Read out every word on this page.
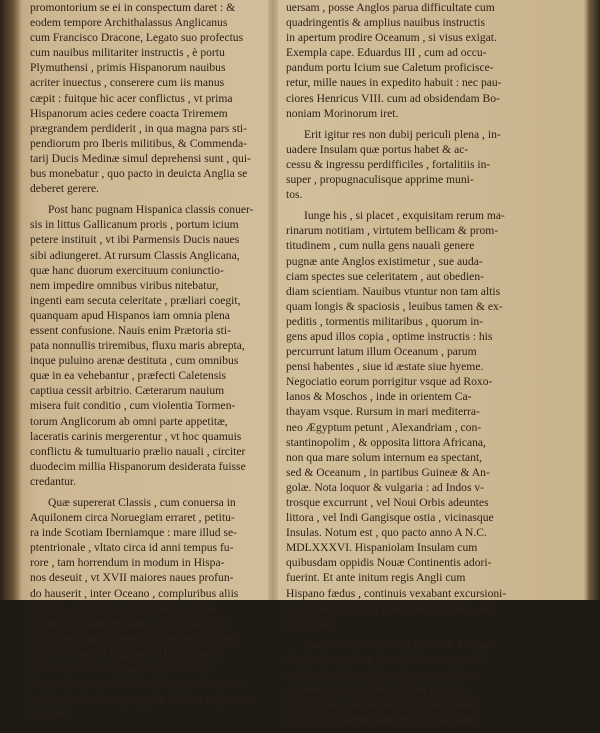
promontorium se ei in conspectum daret : &
eodem tempore Archithalassus Anglicanus
cum Francisco Dracone, Legato suo profectus
cum nauibus militariter instructis , è portu
Plymuthensi , primis Hispanorum nauibus
acriter inuectus , conserere cum iis manus
cæpit : fuitque hic acer conflictus , vt prima
Hispanorum acies cedere coacta Triremem
prægrandem perdiderit , in qua magna pars sti-
pendiorum pro Iberis militibus, & Commenda-
tarij Ducis Medinæ simul deprehensi sunt , qui-
bus monebatur , quo pacto in deuicta Anglia se
deberet gerere.

Post hanc pugnam Hispanica classis conuer-
sis in littus Gallicanum proris , portum icium
petere instituit , vt ibi Parmensis Ducis naues
sibi adiungeret. At rursum Classis Anglicana,
quæ hanc duorum exercituum coniunctio-
nem impedire omnibus viribus nitebatur,
ingenti eam secuta celeritate , præliari coegit,
quanquam apud Hispanos iam omnia plena
essent confusione. Nauis enim Prætoria sti-
pata nonnullis triremibus, fluxu maris abrepta,
inque puluino arenæ destituta , cum omnibus
quæ in ea vehebantur , præfecti Caletensis
captiua cessit arbitrio. Cæterarum nauium
misera fuit conditio , cum violentia Tormen-
torum Anglicorum ab omni parte appetitæ,
laceratis carinis mergerentur , vt hoc quamuis
conflictu & tumultuario prælio nauali , circiter
duodecim millia Hispanorum desiderata fuisse
credantur.

Quæ supererat Classis , cum conuersa in
Aquilonem circa Noruegiam erraret , petitu-
ra inde Scotiam Iberniamque : mare illud se-
ptentrionale , vltato circa id anni tempus fu-
rore , tam horrendum in modum in Hispa-
nos deseuit , vt XVII maiores naues profun-
do hauserit , inter Oceano , compluribus aliis
collisis , perfractis , vel in sabulo ad flu-
ctuum arbitrium destitutis : vt ex Inuicibili
illa classe , quæ centum triginta nauibus con-
stiterat , non nisi triginta in Hispaniam re-
dierint , amissis centum. Tanti constitit
Hispanis tentasse bello Angliam , vt documen-
to essent cæteris, nequaquam facilem captu esse
Insulam.

uersam , posse Anglos parua difficultate cum
quadringentis & amplius nauibus instructis
in apertum prodire Oceanum , si visus exigat.
Exempla cape. Eduardus III , cum ad occu-
pandum portu Icium sue Caletum proficisce-
retur, mille naues in expedito habuit : nec pau-
ciores Henricus VIII. cum ad obsidendam Bo-
noniam Morinorum iret.

Erit igitur res non dubij periculi plena , in-
uadere Insulam quæ portus habet & ac-
cessu & ingressu perdifficiles , fortalitiis in-
super , propugnaculisque apprime muni-
tos.

Iunge his , si placet , exquisitam rerum ma-
rinarum notitiam , virtutem bellicam & prom-
titudinem , cum nulla gens nauali genere
pugnæ ante Anglos existimetur , sue auda-
ciam spectes sue celeritatem , aut obedien-
diam scientiam. Nauibus vtuntur non tam altis
quam longis & spaciosis , leuibus tamen & ex-
peditis , tormentis militaribus , quorum in-
gens apud illos copia , optime instructis : his
percurrunt latum illum Oceanum , parum
pensi habentes , siue id æstate siue hyeme.
Negociatio eorum porrigitur vsque ad Roxo-
lanos & Moschos , inde in orientem Ca-
thayam vsque. Rursum in mari mediterra-
neo Ægyptum petunt , Alexandriam , con-
stantinopolim , & opposita littora Africana,
non qua mare solum internum ea spectant,
sed & Oceanum , in partibus Guineæ & An-
golæ. Nota loquor & vulgaria : ad Indos v-
trosque excurrunt , vel Noui Orbis adeuntes
littora , vel Indi Gangisque ostia , vicinasque
Insulas. Notum est , quo pacto anno A N.C.
MDLXXXVI. Hispaniolam Insulam cum
quibusdam oppidis Nouæ Continentis adori-
fuerint. Et ante initum regis Angli cum
Hispano fædus , continuis vexabant excursioni-
bus Insulas Azores , Promontorij Viridis , &
Brasiliam.

Duo ex iis , Franciscus Draco & Thomas
Candisch aust sunt incredibili conatu , sed
selicissimo itinere totum terrarum orbem
circumnauigare. Vnde dubium non est,
quin hi tanti viri ob tam excellentes animi
ardores & contemptum periculorum omni
